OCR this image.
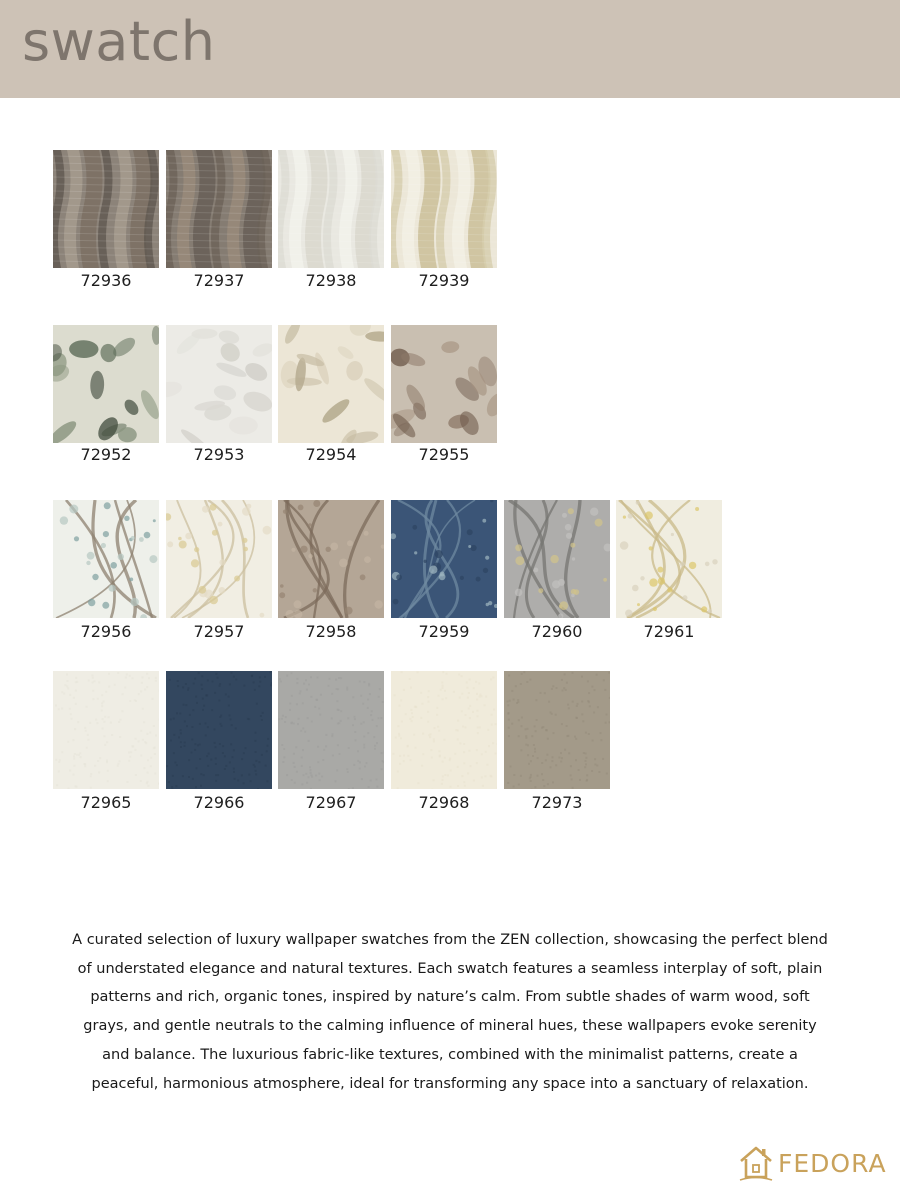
swatch
72936	72937	72938	72939
72952	72953	72954	72955
72956	72957	72958	72959	72960	72961
72965	72966	72967	72968	72973
A curated selection of luxury wallpaper swatches from the ZEN collection, showcasing the perfect blend of understated elegance and natural textures. Each swatch features a seamless interplay of soft, plain patterns and rich, organic tones, inspired by nature’s calm. From subtle shades of warm wood, soft grays, and gentle neutrals to the calming influence of mineral hues, these wallpapers evoke serenity and balance. The luxurious fabric-like textures, combined with the minimalist patterns, create a peaceful, harmonious atmosphere, ideal for transforming any space into a sanctuary of relaxation.
FEDORA
